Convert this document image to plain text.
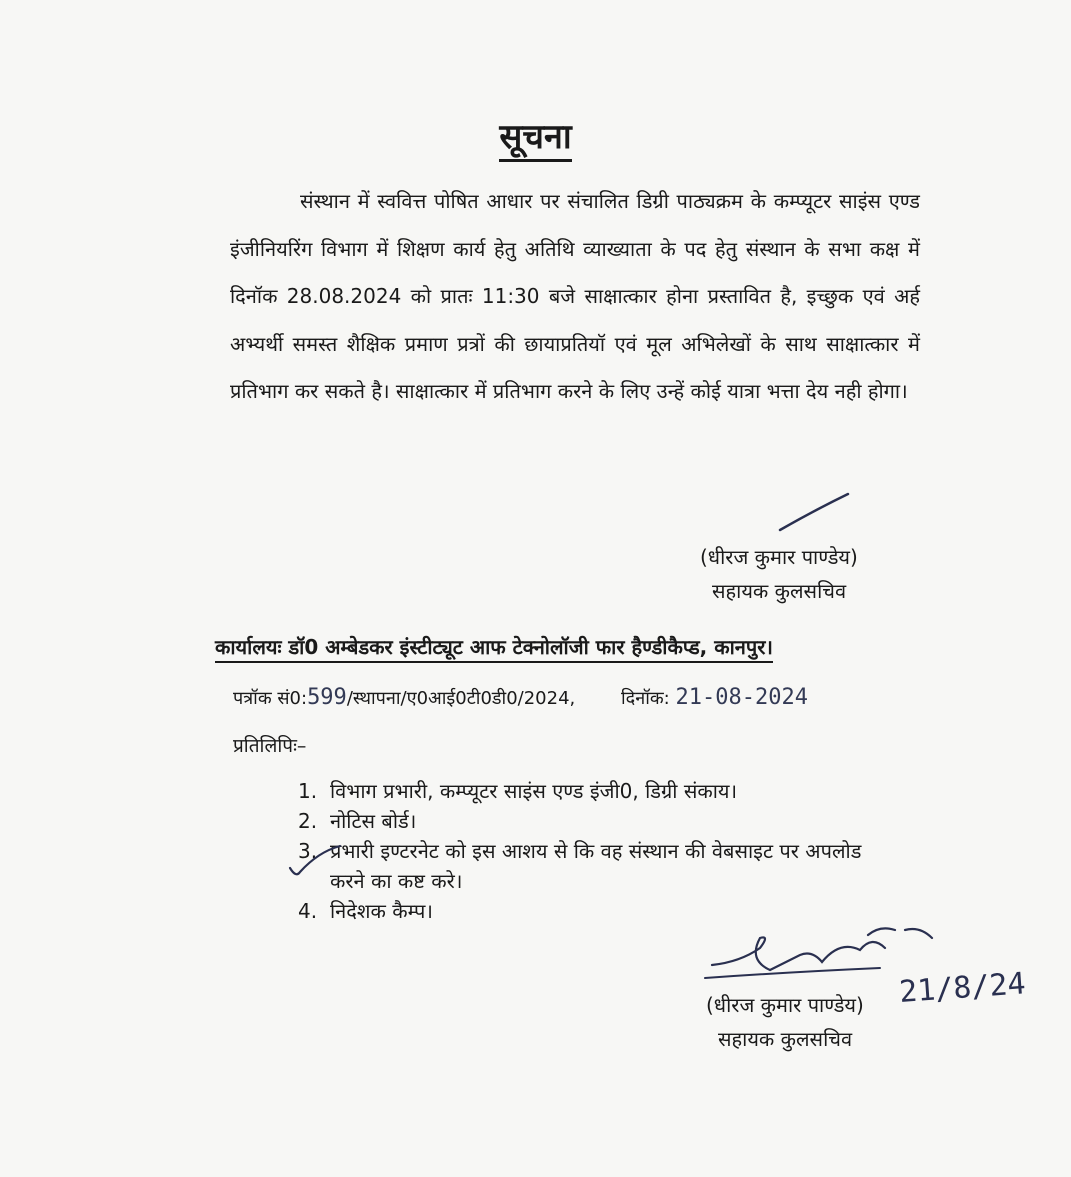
सूचना
संस्थान में स्ववित्त पोषित आधार पर संचालित डिग्री पाठ्यक्रम के कम्प्यूटर साइंस एण्ड इंजीनियरिंग विभाग में शिक्षण कार्य हेतु अतिथि व्याख्याता के पद हेतु संस्थान के सभा कक्ष में दिनॉक 28.08.2024 को प्रातः 11:30 बजे साक्षात्कार होना प्रस्तावित है, इच्छुक एवं अर्ह अभ्यर्थी समस्त शैक्षिक प्रमाण प्रत्रों की छायाप्रतियॉ एवं मूल अभिलेखों के साथ साक्षात्कार में प्रतिभाग कर सकते है। साक्षात्कार में प्रतिभाग करने के लिए उन्हें कोई यात्रा भत्ता देय नही होगा।
(धीरज कुमार पाण्डेय)
सहायक कुलसचिव
कार्यालयः डॉ0 अम्बेडकर इंस्टीट्यूट आफ टेक्नोलॉजी फार हैण्डीकैप्ड, कानपुर।
पत्रॉक सं0:599/स्थापना/ए0आई0टी0डी0/2024,	दिनॉक: 21-08-2024
प्रतिलिपिः–
1. विभाग प्रभारी, कम्प्यूटर साइंस एण्ड इंजी0, डिग्री संकाय।
2. नोटिस बोर्ड।
3. प्रभारी इण्टरनेट को इस आशय से कि वह संस्थान की वेबसाइट पर अपलोड करने का कष्ट करे।
4. निदेशक कैम्प।
(धीरज कुमार पाण्डेय)
सहायक कुलसचिव
21/8/24
